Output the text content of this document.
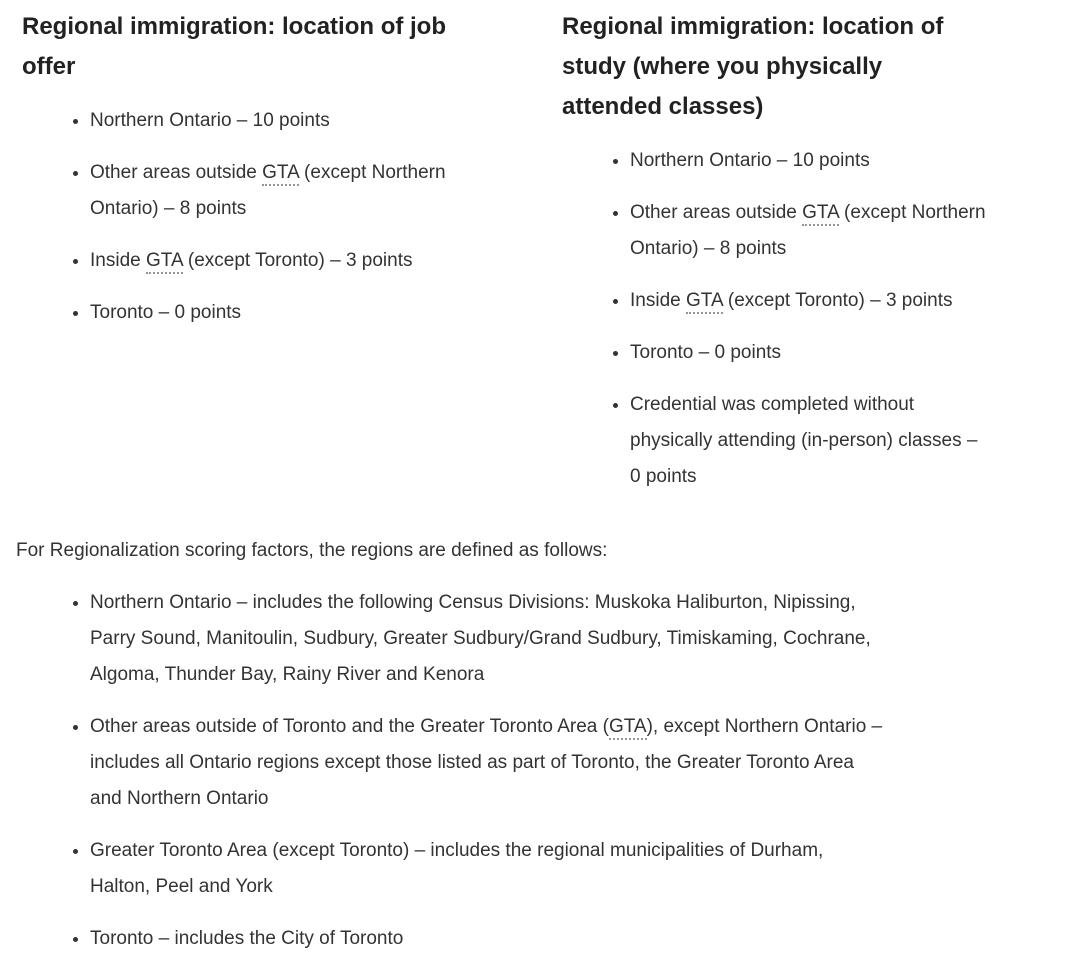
Regional immigration: location of job offer
• Northern Ontario – 10 points
• Other areas outside GTA (except Northern Ontario) – 8 points
• Inside GTA (except Toronto) – 3 points
• Toronto – 0 points
Regional immigration: location of study (where you physically attended classes)
• Northern Ontario – 10 points
• Other areas outside GTA (except Northern Ontario) – 8 points
• Inside GTA (except Toronto) – 3 points
• Toronto – 0 points
• Credential was completed without physically attending (in-person) classes – 0 points

For Regionalization scoring factors, the regions are defined as follows:

• Northern Ontario – includes the following Census Divisions: Muskoka Haliburton, Nipissing, Parry Sound, Manitoulin, Sudbury, Greater Sudbury/Grand Sudbury, Timiskaming, Cochrane, Algoma, Thunder Bay, Rainy River and Kenora
• Other areas outside of Toronto and the Greater Toronto Area (GTA), except Northern Ontario – includes all Ontario regions except those listed as part of Toronto, the Greater Toronto Area and Northern Ontario
• Greater Toronto Area (except Toronto) – includes the regional municipalities of Durham, Halton, Peel and York
• Toronto – includes the City of Toronto
